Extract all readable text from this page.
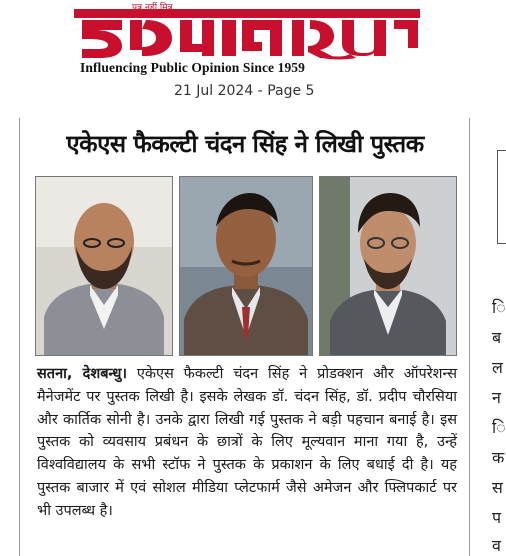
पत्र नहीं मित्र
Influencing Public Opinion Since 1959
21 Jul 2024 - Page 5
एकेएस फैकल्टी चंदन सिंह ने लिखी पुस्तक
सतना, देशबन्धु। एकेएस फैकल्टी चंदन सिंह ने प्रोडक्शन और ऑपरेशन्स मैनेजमेंट पर पुस्तक लिखी है। इसके लेखक डॉ. चंदन सिंह, डॉ. प्रदीप चौरसिया और कार्तिक सोनी है। उनके द्वारा लिखी गई पुस्तक ने बड़ी पहचान बनाई है। इस पुस्तक को व्यवसाय प्रबंधन के छात्रों के लिए मूल्यवान माना गया है, उन्हें विश्वविद्यालय के सभी स्टॉफ ने पुस्तक के प्रकाशन के लिए बधाई दी है। यह पुस्तक बाजार में एवं सोशल मीडिया प्लेटफार्म जैसे अमेजन और फ्लिपकार्ट पर भी उपलब्ध है।
ि
ब
ल
न
ि
क
स
प
व
